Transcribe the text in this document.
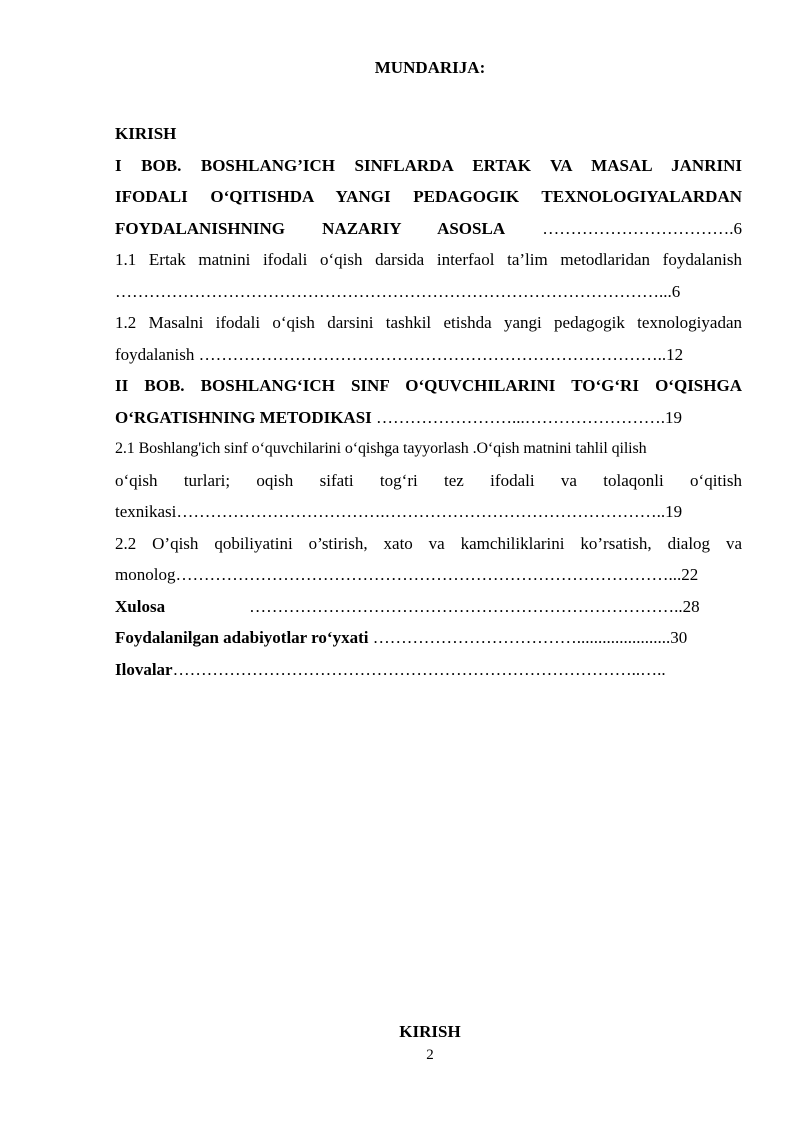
MUNDARIJA:
KIRISH
I BOB. BOSHLANG’ICH SINFLARDA ERTAK VA MASAL JANRINI
IFODALI O‘QITISHDA YANGI PEDAGOGIK TEXNOLOGIYALARDAN
FOYDALANISHNING NAZARIY ASOSLA …………………………….6
1.1 Ertak matnini ifodali o‘qish darsida interfaol ta’lim metodlaridan foydalanish
……………………………………………………………………………………...6
1.2 Masalni ifodali o‘qish darsini tashkil etishda yangi pedagogik texnologiyadan
foydalanish ………………………………………………………………………..12
II BOB. BOSHLANG‘ICH SINF O‘QUVCHILARINI TO‘G‘RI O‘QISHGA
O‘RGATISHNING METODIKASI ……………………...…………………….19
2.1 Boshlang'ich sinf o‘quvchilarini o‘qishga tayyorlash .O‘qish matnini tahlil qilish
o‘qish turlari; oqish sifati tog‘ri tez ifodali va tolaqonli o‘qitish
texnikasi……………………………….…………………………………………..19
2.2 O’qish qobiliyatini o’stirish, xato va kamchiliklarini ko’rsatish, dialog va
monolog……………………………………………………………………………...22
Xulosa	…………………………………………………………………..28
Foydalanilgan adabiyotlar ro‘yxati ………………………………......................30
Ilovalar………………………………………………………………………..…..
KIRISH
2
